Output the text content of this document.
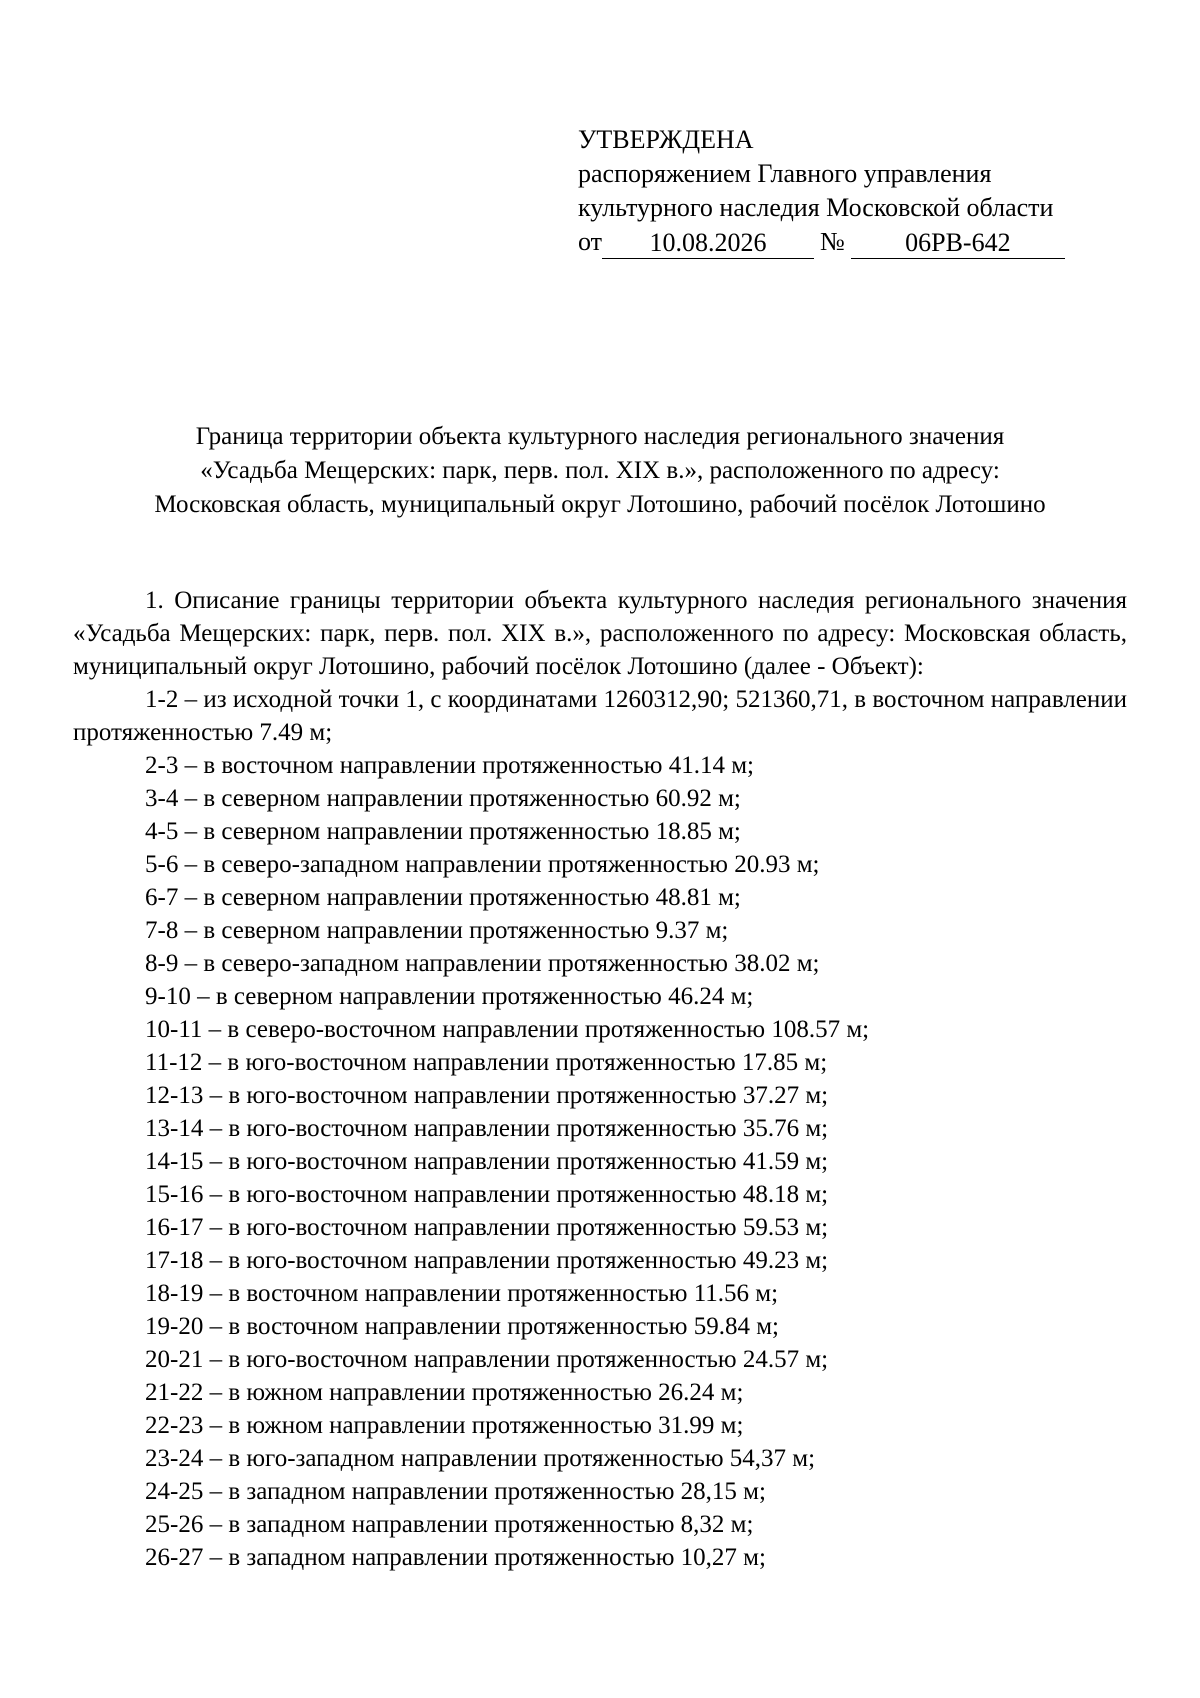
УТВЕРЖДЕНА
распоряжением Главного управления
культурного наследия Московской области
от	10.08.2026	№	06РВ-642
Граница территории объекта культурного наследия регионального значения
«Усадьба Мещерских: парк, перв. пол. XIX в.», расположенного по адресу:
Московская область, муниципальный округ Лотошино, рабочий посёлок Лотошино
1. Описание границы территории объекта культурного наследия регионального значения «Усадьба Мещерских: парк, перв. пол. XIX в.», расположенного по адресу: Московская область, муниципальный округ Лотошино, рабочий посёлок Лотошино (далее - Объект):
1-2 – из исходной точки 1, с координатами 1260312,90; 521360,71, в восточном направлении протяженностью 7.49 м;
2-3 – в восточном направлении протяженностью 41.14 м;
3-4 – в северном направлении протяженностью 60.92 м;
4-5 – в северном направлении протяженностью 18.85 м;
5-6 – в северо-западном направлении протяженностью 20.93 м;
6-7 – в северном направлении протяженностью 48.81 м;
7-8 – в северном направлении протяженностью 9.37 м;
8-9 – в северо-западном направлении протяженностью 38.02 м;
9-10 – в северном направлении протяженностью 46.24 м;
10-11 – в северо-восточном направлении протяженностью 108.57 м;
11-12 – в юго-восточном направлении протяженностью 17.85 м;
12-13 – в юго-восточном направлении протяженностью 37.27 м;
13-14 – в юго-восточном направлении протяженностью 35.76 м;
14-15 – в юго-восточном направлении протяженностью 41.59 м;
15-16 – в юго-восточном направлении протяженностью 48.18 м;
16-17 – в юго-восточном направлении протяженностью 59.53 м;
17-18 – в юго-восточном направлении протяженностью 49.23 м;
18-19 – в восточном направлении протяженностью 11.56 м;
19-20 – в восточном направлении протяженностью 59.84 м;
20-21 – в юго-восточном направлении протяженностью 24.57 м;
21-22 – в южном направлении протяженностью 26.24 м;
22-23 – в южном направлении протяженностью 31.99 м;
23-24 – в юго-западном направлении протяженностью 54,37 м;
24-25 – в западном направлении протяженностью 28,15 м;
25-26 – в западном направлении протяженностью 8,32 м;
26-27 – в западном направлении протяженностью 10,27 м;
